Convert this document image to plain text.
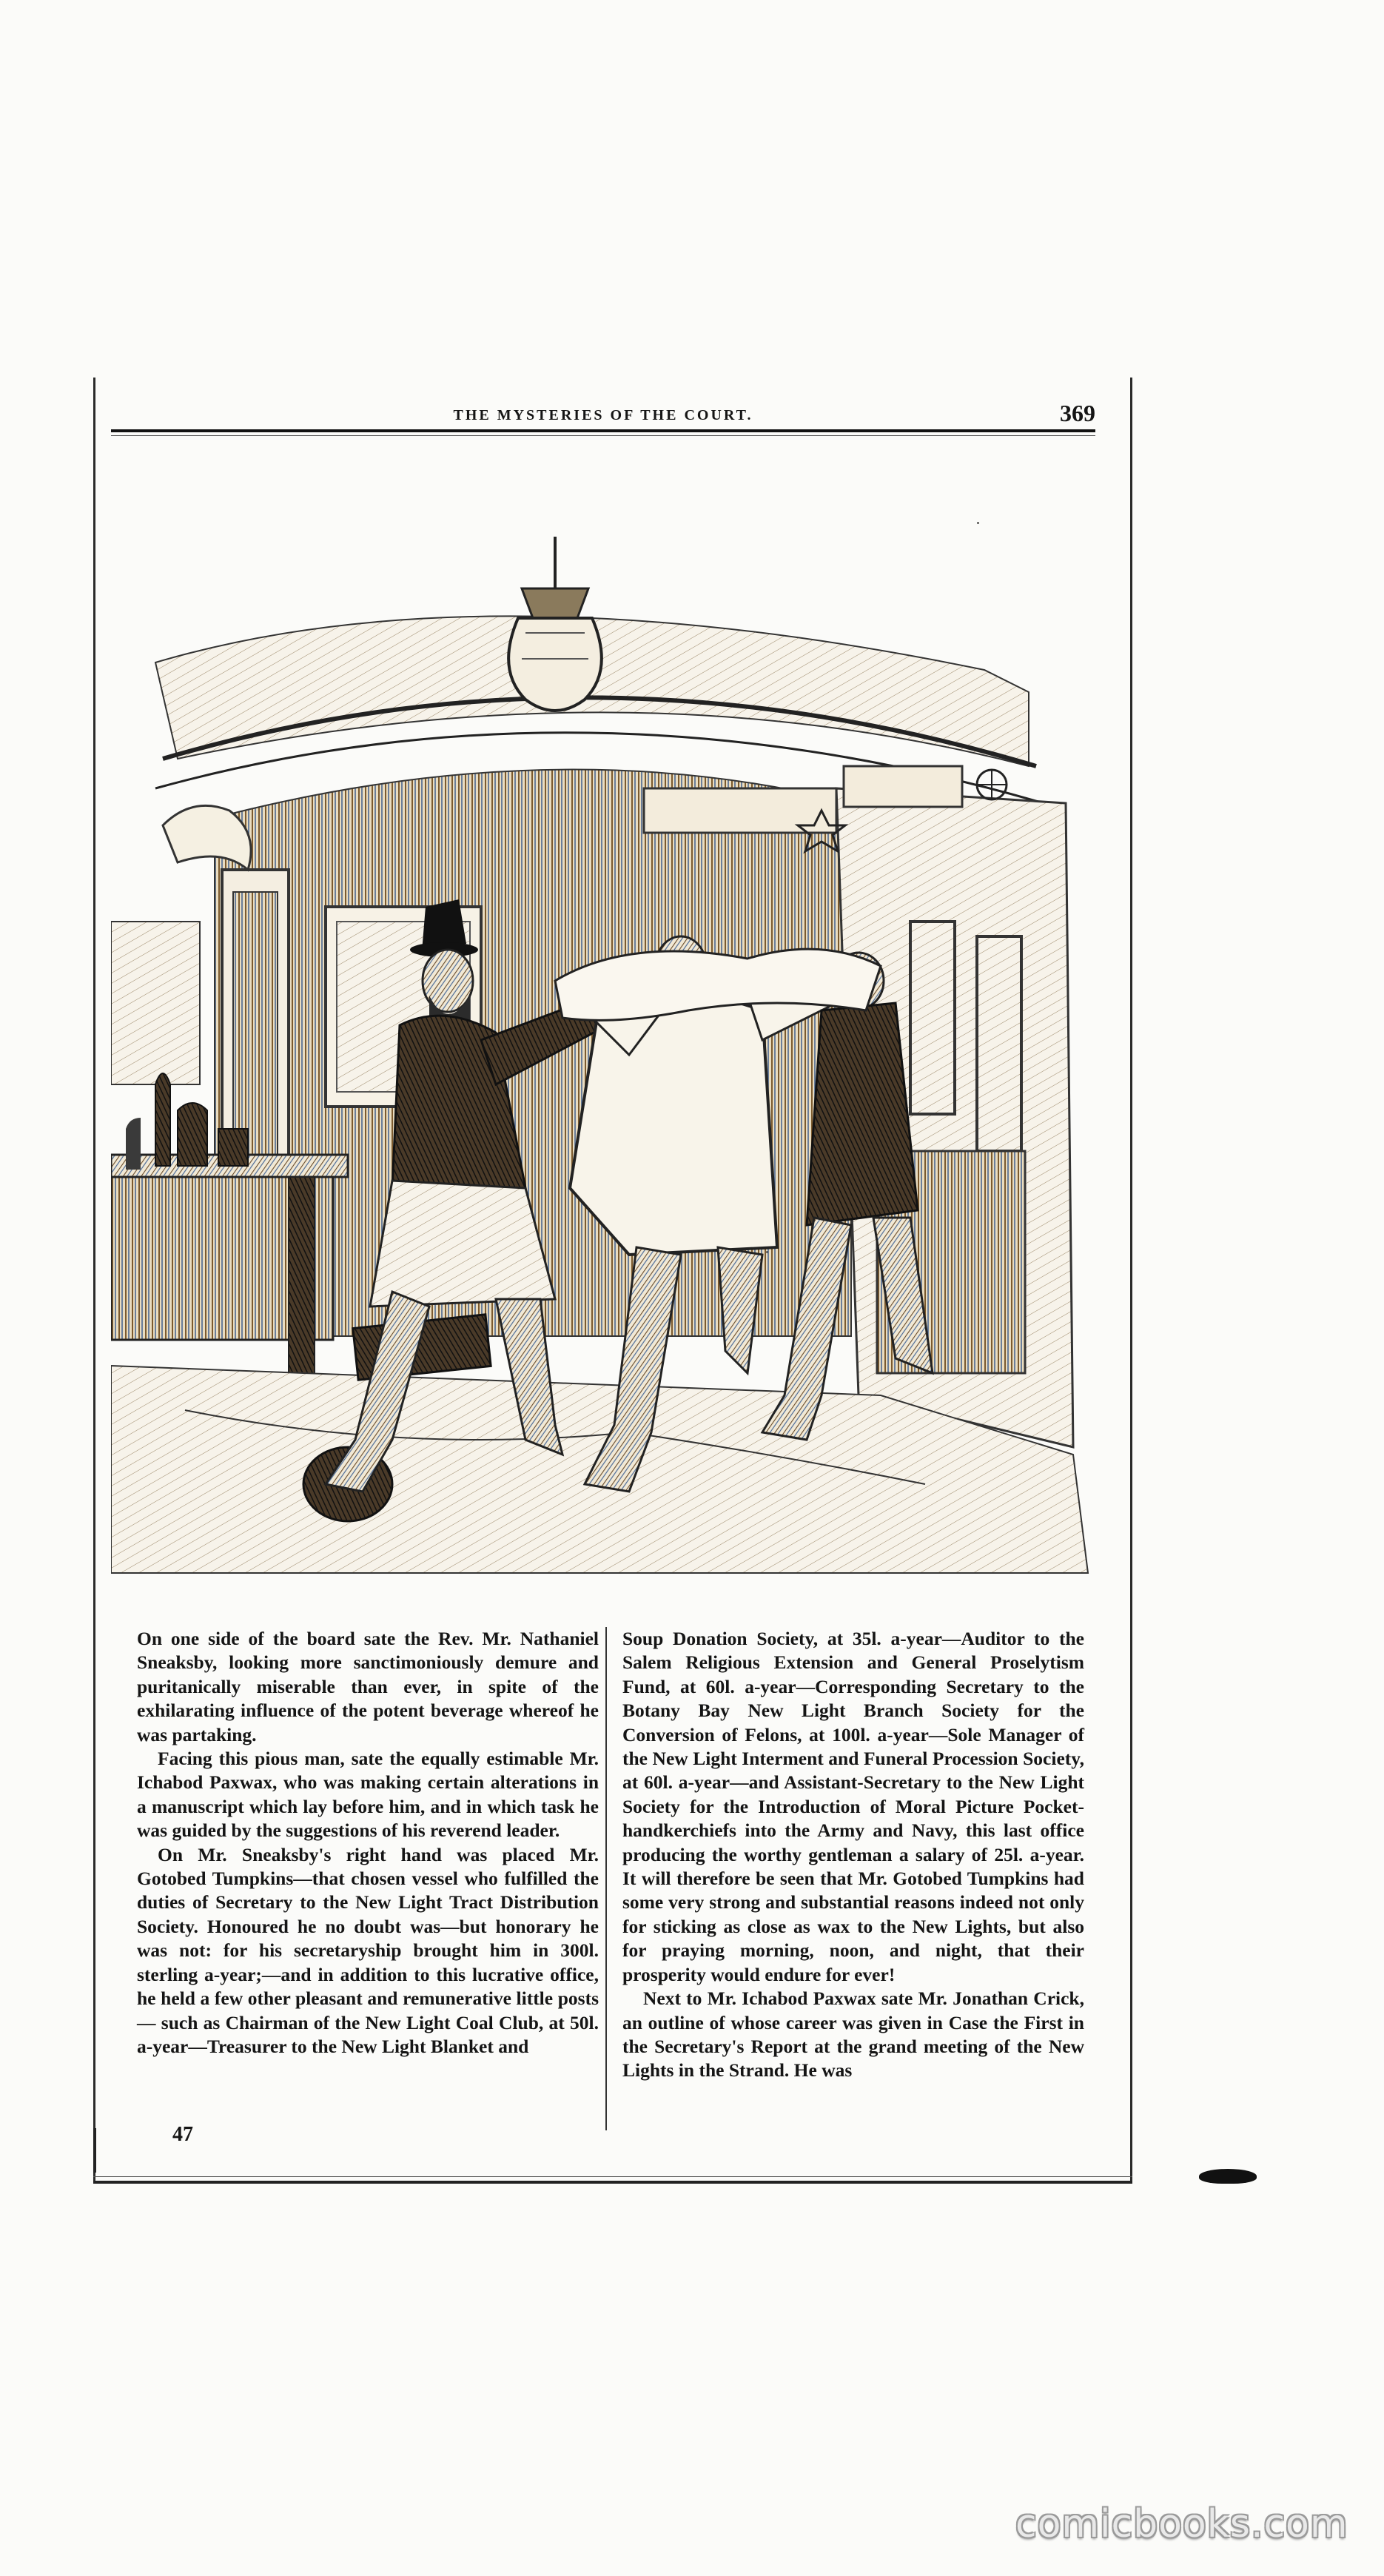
THE MYSTERIES OF THE COURT.	369

On one side of the board sate the Rev. Mr. Nathaniel Sneaksby, looking more sanctimoniously demure and puritanically miserable than ever, in spite of the exhilarating influence of the potent beverage whereof he was partaking.

Facing this pious man, sate the equally estimable Mr. Ichabod Paxwax, who was making certain alterations in a manuscript which lay before him, and in which task he was guided by the suggestions of his reverend leader.

On Mr. Sneaksby's right hand was placed Mr. Gotobed Tumpkins—that chosen vessel who fulfilled the duties of Secretary to the New Light Tract Distribution Society. Honoured he no doubt was—but honorary he was not: for his secretaryship brought him in 300l. sterling a-year;—and in addition to this lucrative office, he held a few other pleasant and remunerative little posts — such as Chairman of the New Light Coal Club, at 50l. a-year—Treasurer to the New Light Blanket and

Soup Donation Society, at 35l. a-year—Auditor to the Salem Religious Extension and General Proselytism Fund, at 60l. a-year—Corresponding Secretary to the Botany Bay New Light Branch Society for the Conversion of Felons, at 100l. a-year—Sole Manager of the New Light Interment and Funeral Procession Society, at 60l. a-year—and Assistant-Secretary to the New Light Society for the Introduction of Moral Picture Pocket-handkerchiefs into the Army and Navy, this last office producing the worthy gentleman a salary of 25l. a-year. It will therefore be seen that Mr. Gotobed Tumpkins had some very strong and substantial reasons indeed not only for sticking as close as wax to the New Lights, but also for praying morning, noon, and night, that their prosperity would endure for ever!

Next to Mr. Ichabod Paxwax sate Mr. Jonathan Crick, an outline of whose career was given in Case the First in the Secretary's Report at the grand meeting of the New Lights in the Strand. He was

47
comicbooks.com
